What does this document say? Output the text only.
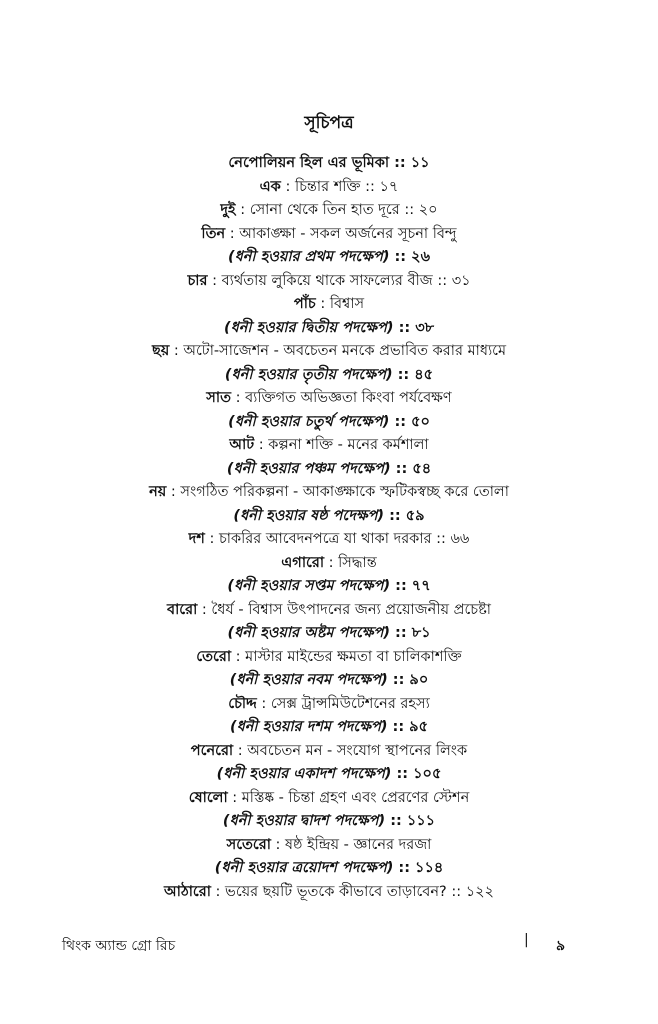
সূচিপত্র
নেপোলিয়ন হিল এর ভূমিকা :: ১১
এক : চিন্তার শক্তি :: ১৭
দুই : সোনা থেকে তিন হাত দূরে :: ২০
তিন : আকাঙ্ক্ষা - সকল অর্জনের সূচনা বিন্দু
(ধনী হওয়ার প্রথম পদক্ষেপ) :: ২৬
চার : ব্যর্থতায় লুকিয়ে থাকে সাফল্যের বীজ :: ৩১
পাঁচ : বিশ্বাস
(ধনী হওয়ার দ্বিতীয় পদক্ষেপ) :: ৩৮
ছয় : অটো-সাজেশন - অবচেতন মনকে প্রভাবিত করার মাধ্যমে
(ধনী হওয়ার তৃতীয় পদক্ষেপ) :: ৪৫
সাত : ব্যক্তিগত অভিজ্ঞতা কিংবা পর্যবেক্ষণ
(ধনী হওয়ার চতুর্থ পদক্ষেপ) :: ৫০
আট : কল্পনা শক্তি - মনের কর্মশালা
(ধনী হওয়ার পঞ্চম পদক্ষেপ) :: ৫৪
নয় : সংগঠিত পরিকল্পনা - আকাঙ্ক্ষাকে স্ফটিকস্বচ্ছ করে তোলা
(ধনী হওয়ার ষষ্ঠ পদেক্ষপ) :: ৫৯
দশ : চাকরির আবেদনপত্রে যা থাকা দরকার :: ৬৬
এগারো : সিদ্ধান্ত
(ধনী হওয়ার সপ্তম পদক্ষেপ) :: ৭৭
বারো : ধৈর্য - বিশ্বাস উৎপাদনের জন্য প্রয়োজনীয় প্রচেষ্টা
(ধনী হওয়ার অষ্টম পদক্ষেপ) :: ৮১
তেরো : মাস্টার মাইন্ডের ক্ষমতা বা চালিকাশক্তি
(ধনী হওয়ার নবম পদক্ষেপ) :: ৯০
চৌদ্দ : সেক্স ট্রান্সমিউটেশনের রহস্য
(ধনী হওয়ার দশম পদক্ষেপ) :: ৯৫
পনেরো : অবচেতন মন - সংযোগ স্থাপনের লিংক
(ধনী হওয়ার একাদশ পদক্ষেপ) :: ১০৫
ষোলো : মস্তিষ্ক - চিন্তা গ্রহণ এবং প্রেরণের স্টেশন
(ধনী হওয়ার দ্বাদশ পদক্ষেপ) :: ১১১
সতেরো : ষষ্ঠ ইন্দ্রিয় - জ্ঞানের দরজা
(ধনী হওয়ার ত্রয়োদশ পদক্ষেপ) :: ১১৪
আঠারো : ভয়ের ছয়টি ভূতকে কীভাবে তাড়াবেন? :: ১২২
থিংক অ্যান্ড গ্রো রিচ	| ৯
